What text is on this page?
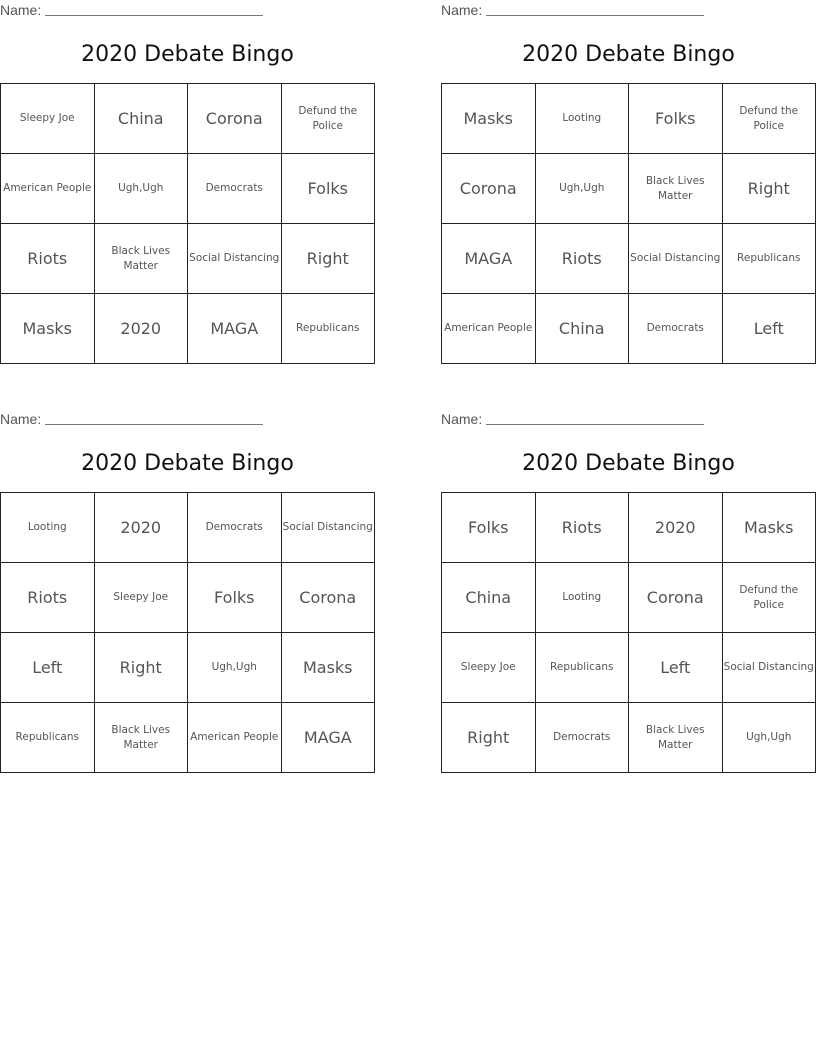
Name:
2020 Debate Bingo
Sleepy Joe	China	Corona	Defund the Police
American People	Ugh,Ugh	Democrats	Folks
Riots	Black Lives Matter	Social Distancing	Right
Masks	2020	MAGA	Republicans
Name:
2020 Debate Bingo
Masks	Looting	Folks	Defund the Police
Corona	Ugh,Ugh	Black Lives Matter	Right
MAGA	Riots	Social Distancing	Republicans
American People	China	Democrats	Left
Name:
2020 Debate Bingo
Looting	2020	Democrats	Social Distancing
Riots	Sleepy Joe	Folks	Corona
Left	Right	Ugh,Ugh	Masks
Republicans	Black Lives Matter	American People	MAGA
Name:
2020 Debate Bingo
Folks	Riots	2020	Masks
China	Looting	Corona	Defund the Police
Sleepy Joe	Republicans	Left	Social Distancing
Right	Democrats	Black Lives Matter	Ugh,Ugh
